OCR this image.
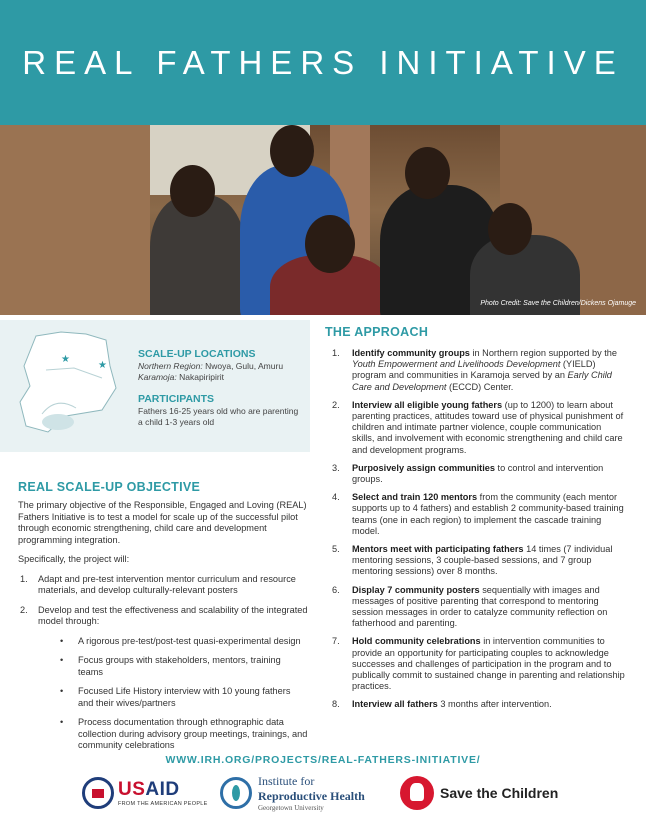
REAL FATHERS INITIATIVE
Photo Credit: Save the Children/Dickens Ojamuge
★
★
SCALE-UP LOCATIONS
Northern Region: Nwoya, Gulu, Amuru
Karamoja: Nakapiripirit
PARTICIPANTS
Fathers 16-25 years old who are parenting a child 1-3 years old
REAL SCALE-UP OBJECTIVE

The primary objective of the Responsible, Engaged and Loving (REAL) Fathers Initiative is to test a model for scale up of the successful pilot through economic strengthening, child care and development programming integration.

Specifically, the project will:

1. Adapt and pre-test intervention mentor curriculum and resource materials, and develop culturally-relevant posters
2. Develop and test the effectiveness and scalability of the integrated model through:
• A rigorous pre-test/post-test quasi-experimental design
• Focus groups with stakeholders, mentors, training teams
• Focused Life History interview with 10 young fathers and their wives/partners
• Process documentation through ethnographic data collection during advisory group meetings, trainings, and community celebrations
THE APPROACH
1. Identify community groups in Northern region supported by the Youth Empowerment and Livelihoods Development (YIELD) program and communities in Karamoja served by an Early Child Care and Development (ECCD) Center.
2. Interview all eligible young fathers (up to 1200) to learn about parenting practices, attitudes toward use of physical punishment of children and intimate partner violence, couple communication skills, and involvement with economic strengthening and child care and development programs.
3. Purposively assign communities to control and intervention groups.
4. Select and train 120 mentors from the community (each mentor supports up to 4 fathers) and establish 2 community-based training teams (one in each region) to implement the cascade training model.
5. Mentors meet with participating fathers 14 times (7 individual mentoring sessions, 3 couple-based sessions, and 7 group mentoring sessions) over 8 months.
6. Display 7 community posters sequentially with images and messages of positive parenting that correspond to mentoring session messages in order to catalyze community reflection on fatherhood and parenting.
7. Hold community celebrations in intervention communities to provide an opportunity for participating couples to acknowledge successes and challenges of participation in the program and to publically commit to sustained change in parenting and relationship practices.
8. Interview all fathers 3 months after intervention.
WWW.IRH.ORG/PROJECTS/REAL-FATHERS-INITIATIVE/
USAID
FROM THE AMERICAN PEOPLE
Institute for
Reproductive Health
Georgetown University
Save the Children
